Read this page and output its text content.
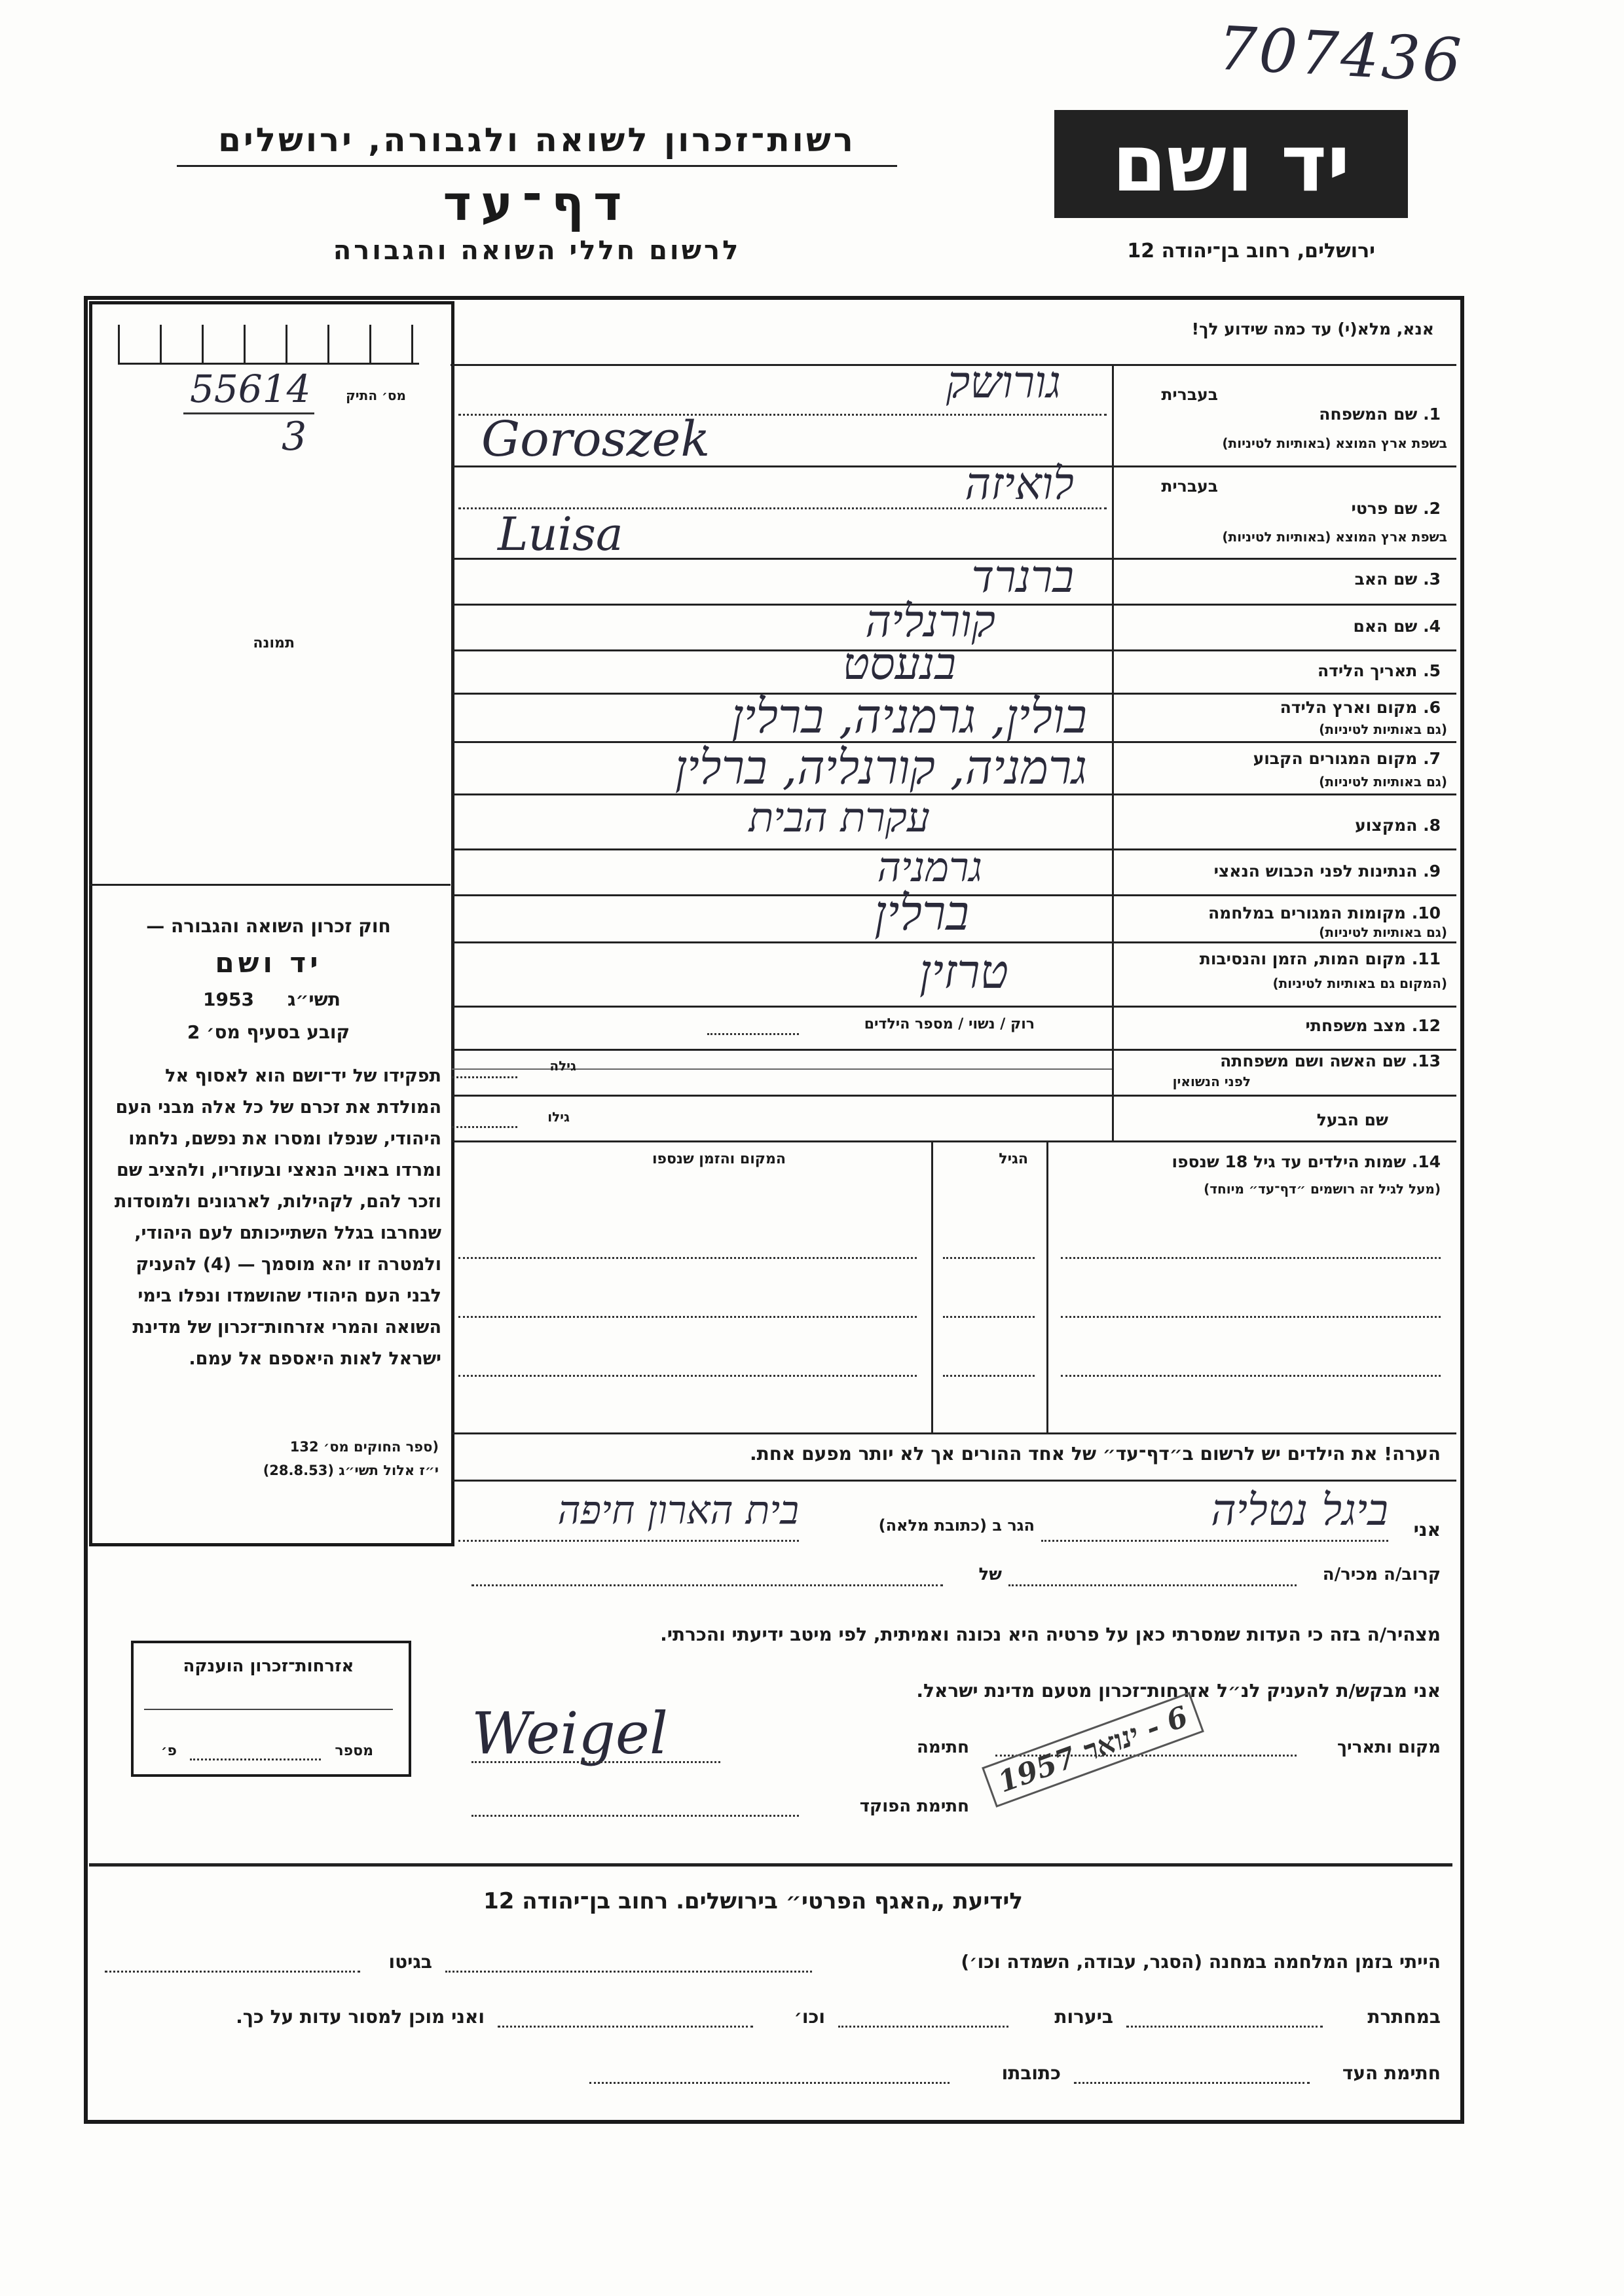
707436
יד ושם
רשות־זכרון לשואה ולגבורה, ירושלים
דף־עד
לרשום חללי השואה והגבורה	ירושלים, רחוב בן־יהודה 12
מס׳ התיק
55614
3
תמונה
חוק זכרון השואה והגבורה —
יד ושם
תשי״ג
1953
קובע בסעיף מס׳ 2
תפקידו של יד־ושם הוא לאסוף אל המולדת את זכרם של כל אלה מבני העם היהודי, שנפלו ומסרו את נפשם, נלחמו ומרדו באויב הנאצי ובעוזריו, ולהציב שם וזכר להם, לקהילות, לארגונים ולמוסדות שנחרבו בגלל השתייכותם לעם היהודי, ולמטרה זו יהא מוסמך — (4) להעניק לבני העם היהודי שהושמדו ונפלו בימי השואה והמרי אזרחות־זכרון של מדינת ישראל לאות היאספם אל עמם.
(ספר החוקים מס׳ 132
י״ז אלול תשי״ג (28.8.53)
אנא, מלא(י) עד כמה שידוע לך!
בעברית
1. שם המשפחה
בשפת ארץ המוצא (באותיות לטיניות)
גורושק
Goroszek
בעברית
2. שם פרטי
בשפת ארץ המוצא (באותיות לטיניות)
לואיזה
Luisa
3. שם האב
ברנרד
4. שם האם
קורנליה
5. תאריך הלידה
בנעסט
6. מקום וארץ הלידה
(גם באותיות לטיניות)
בולין, גרמניה, ברלין
7. מקום המגורים הקבוע
(גם באותיות לטיניות)
גרמניה, קורנליה, ברלין
8. המקצוע
עקרת הבית
9. הנתינות לפני הכבוש הנאצי
גרמניה
10. מקומות המגורים במלחמה
(גם באותיות לטיניות)
ברלין
11. מקום המות, הזמן והנסיבות
(המקום גם באותיות לטיניות)
טרזין
12. מצב משפחתי
רוק / נשוי / מספר הילדים
13. שם האשה ושם משפחתה
לפני הנשואין
גילה
שם הבעל
גילו
14. שמות הילדים עד גיל 18 שנספו
(מעל לגיל זה רושמים ״דף־עד״ מיוחד)
הגיל
המקום והזמן שנספו
הערה! את הילדים יש לרשום ב״דף־עד״ של אחד ההורים אך לא יותר מפעם אחת.
אני
ביגל נטליה
הגר ב (כתובת מלאה)
בית הארון חיפה
קרוב/ה מכיר/ה
של
מצהיר/ה בזה כי העדות שמסרתי כאן על פרטיה היא נכונה ואמיתית, לפי מיטב ידיעתי והכרתי.
אזרחות־זכרון הוענקה
מספר
פ׳
אני מבקש/ת להעניק לנ״ל אזרחות־זכרון מטעם מדינת ישראל.
מקום ותאריך
חתימה
Weigel
6 - ינואר 1957
חתימת הפוקד
לידיעת „האגף הפרטי״ בירושלים. רחוב בן־יהודה 12
הייתי בזמן המלחמה במחנה (הסגר, עבודה, השמדה וכו׳)
בגיטו
במחתרת
ביערות
וכו׳
ואני מוכן למסור עדות על כך.
חתימת העד
כתובתו
